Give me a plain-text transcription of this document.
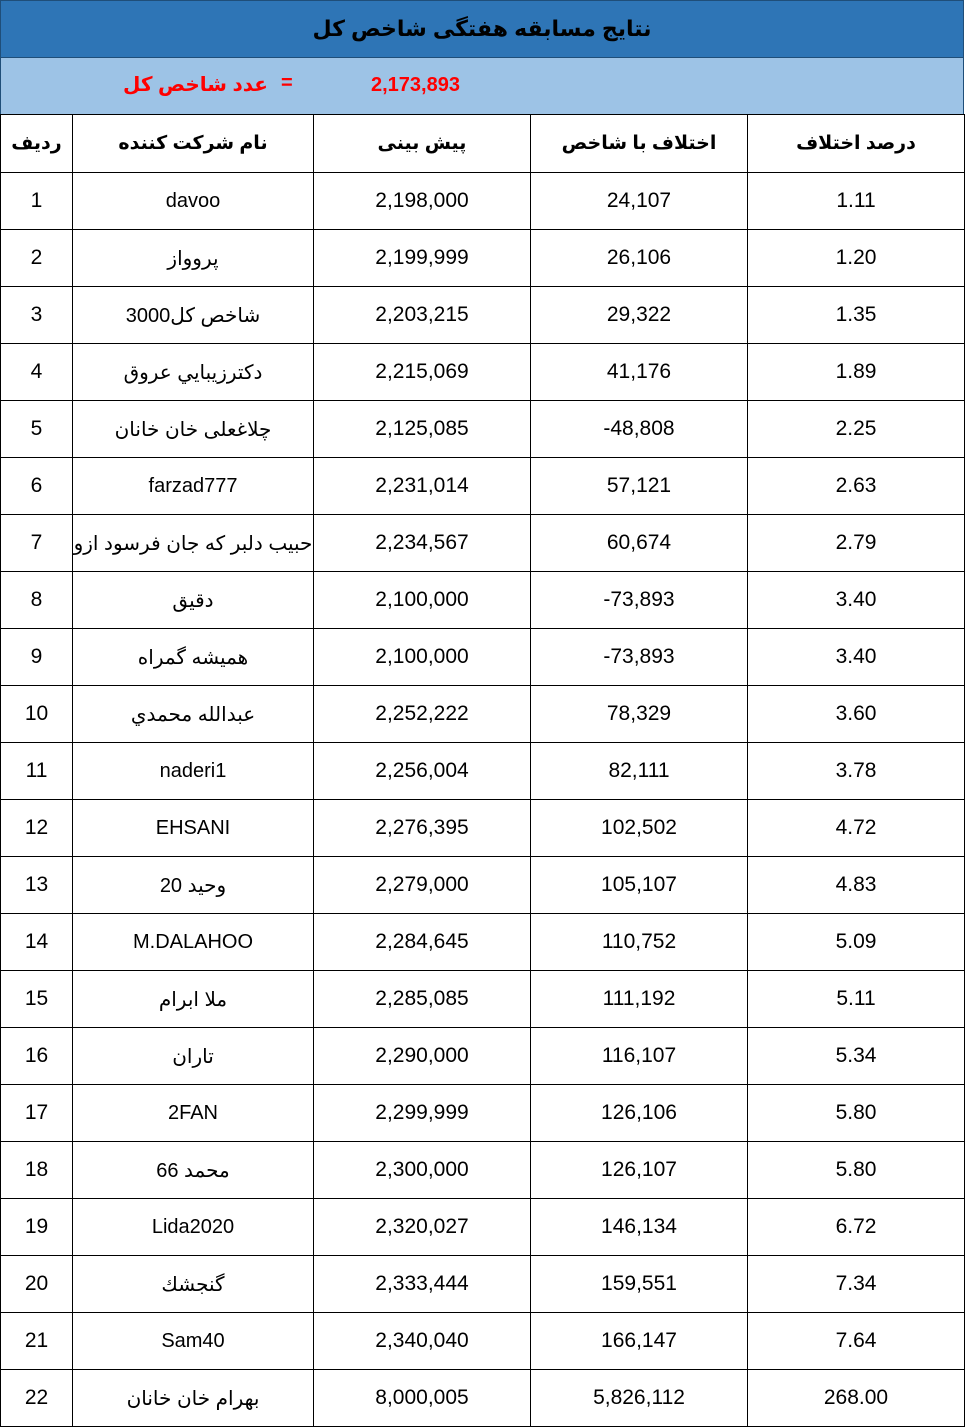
نتایج مسابقه هفتگی شاخص کل
2,173,893
=
عدد شاخص کل
رديف	نام شرکت کننده	پيش بينی	اختلاف با شاخص	درصد اختلاف
1	davoo	2,198,000	24,107	1.11
2	پروواز	2,199,999	26,106	1.20
3	شاخص کل3000	2,203,215	29,322	1.35
4	دكترزيبايي عروق	2,215,069	41,176	1.89
5	چلاغعلی خان خانان	2,125,085	-48,808	2.25
6	farzad777	2,231,014	57,121	2.63
7	حبيب دلبر كه جان فرسود ازو	2,234,567	60,674	2.79
8	دقيق	2,100,000	-73,893	3.40
9	هميشه گمراه	2,100,000	-73,893	3.40
10	عبدالله محمدي	2,252,222	78,329	3.60
11	naderi1	2,256,004	82,111	3.78
12	EHSANI	2,276,395	102,502	4.72
13	وحيد 20	2,279,000	105,107	4.83
14	M.DALAHOO	2,284,645	110,752	5.09
15	ملا ابرام	2,285,085	111,192	5.11
16	تاران	2,290,000	116,107	5.34
17	2FAN	2,299,999	126,106	5.80
18	محمد 66	2,300,000	126,107	5.80
19	Lida2020	2,320,027	146,134	6.72
20	گنجشك	2,333,444	159,551	7.34
21	Sam40	2,340,040	166,147	7.64
22	بهرام خان خانان	8,000,005	5,826,112	268.00
